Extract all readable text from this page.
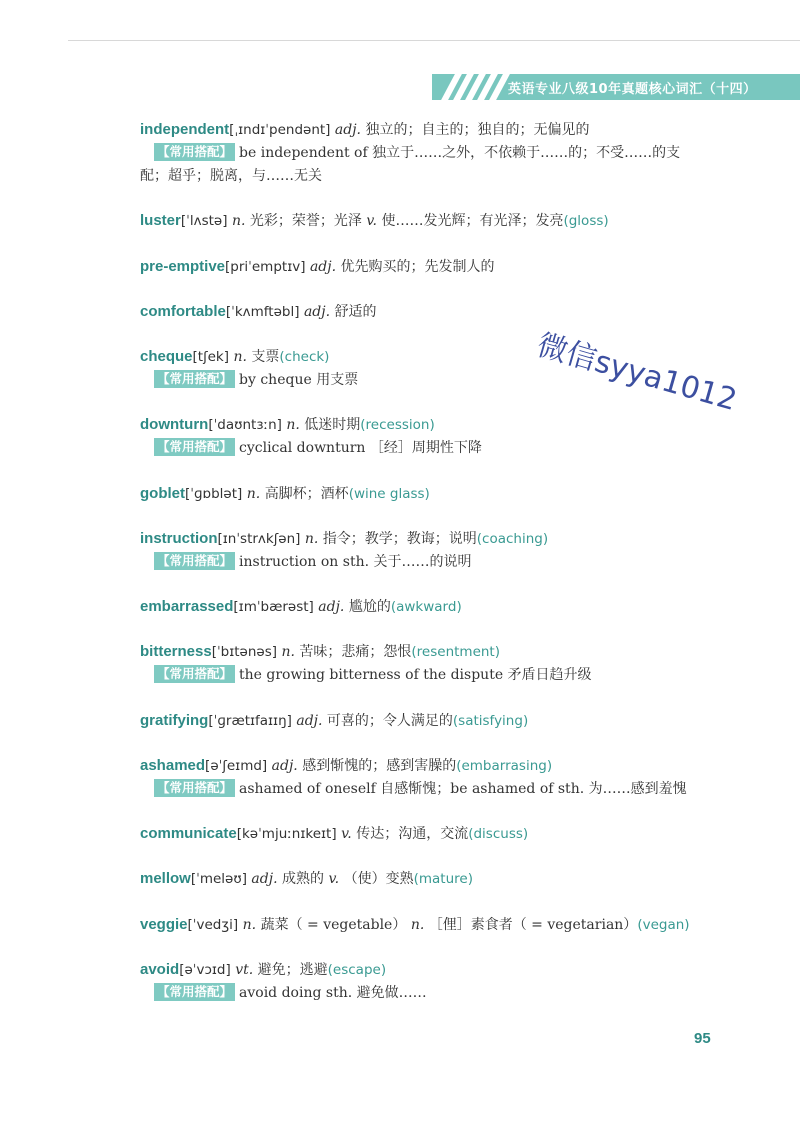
英语专业八级10年真题核心词汇（十四）
independent[ˌɪndɪˈpendənt] adj. 独立的；自主的；独自的；无偏见的
【常用搭配】 be independent of 独立于……之外，不依赖于……的；不受……的支
配；超乎；脱离，与……无关
luster[ˈlʌstə] n. 光彩；荣誉；光泽 v. 使……发光辉；有光泽；发亮(gloss)
pre-emptive[priˈemptɪv] adj. 优先购买的；先发制人的
comfortable[ˈkʌmftəbl] adj. 舒适的
cheque[tʃek] n. 支票(check)
【常用搭配】 by cheque 用支票
downturn[ˈdaʊntɜːn] n. 低迷时期(recession)
【常用搭配】 cyclical downturn ［经］周期性下降
goblet[ˈɡɒblət] n. 高脚杯；酒杯(wine glass)
instruction[ɪnˈstrʌkʃən] n. 指令；教学；教诲；说明(coaching)
【常用搭配】 instruction on sth. 关于……的说明
embarrassed[ɪmˈbærəst] adj. 尴尬的(awkward)
bitterness[ˈbɪtənəs] n. 苦味；悲痛；怨恨(resentment)
【常用搭配】 the growing bitterness of the dispute 矛盾日趋升级
gratifying[ˈɡrætɪfaɪɪŋ] adj. 可喜的；令人满足的(satisfying)
ashamed[əˈʃeɪmd] adj. 感到惭愧的；感到害臊的(embarrasing)
【常用搭配】 ashamed of oneself 自感惭愧；be ashamed of sth. 为……感到羞愧
communicate[kəˈmjuːnɪkeɪt] v. 传达；沟通，交流(discuss)
mellow[ˈmeləʊ] adj. 成熟的 v. （使）变熟(mature)
veggie[ˈvedʒi] n. 蔬菜（ = vegetable） n. ［俚］素食者（ = vegetarian）(vegan)
avoid[əˈvɔɪd] vt. 避免；逃避(escape)
【常用搭配】 avoid doing sth. 避免做……
微信syya1012
95
